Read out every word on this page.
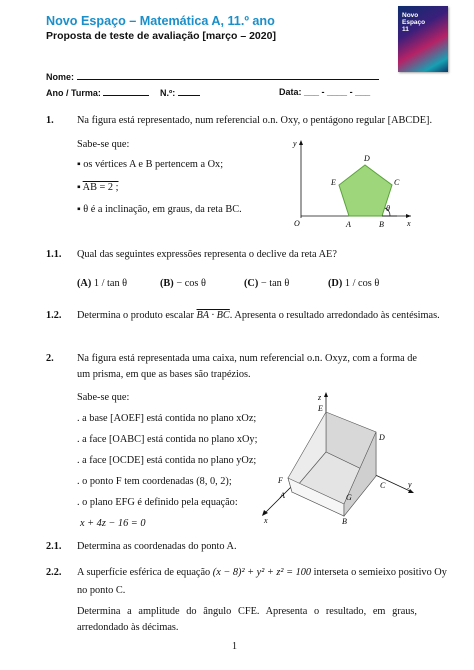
Novo Espaço – Matemática A, 11.º ano
Proposta de teste de avaliação [março – 2020]
Novo
Espaço
11
Nome:
Ano / Turma:	N.º:	Data: ___ - ____ - ___
1. Na figura está representado, num referencial o.n. Oxy, o pentágono regular [ABCDE].
Sabe-se que:
▪ os vértices A e B pertencem a Ox;
▪ AB = 2 ;
▪ θ é a inclinação, em graus, da reta BC.
y
x
O	A	B
C
D
E
θ
1.1. Qual das seguintes expressões representa o declive da reta AE?
(A) 1 / tan θ	(B) − cos θ	(C) − tan θ	(D) 1 / cos θ
1.2. Determina o produto escalar BA · BC. Apresenta o resultado arredondado às centésimas.
2. Na figura está representada uma caixa, num referencial o.n. Oxyz, com a forma de um prisma, em que as bases são trapézios.
Sabe-se que:
. a base [AOEF] está contida no plano xOz;
. a face [OABC] está contida no plano xOy;
. a face [OCDE] está contida no plano yOz;
. o ponto F tem coordenadas (8, 0, 2);
. o plano EFG é definido pela equação:
x + 4z − 16 = 0
z
y
x
E
D
F
A
C
G
B
2.1. Determina as coordenadas do ponto A.
2.2. A superfície esférica de equação (x − 8)² + y² + z² = 100 interseta o semieixo positivo Oy
no ponto C.
Determina a amplitude do ângulo CFE. Apresenta o resultado, em graus, arredondado às décimas.
1
